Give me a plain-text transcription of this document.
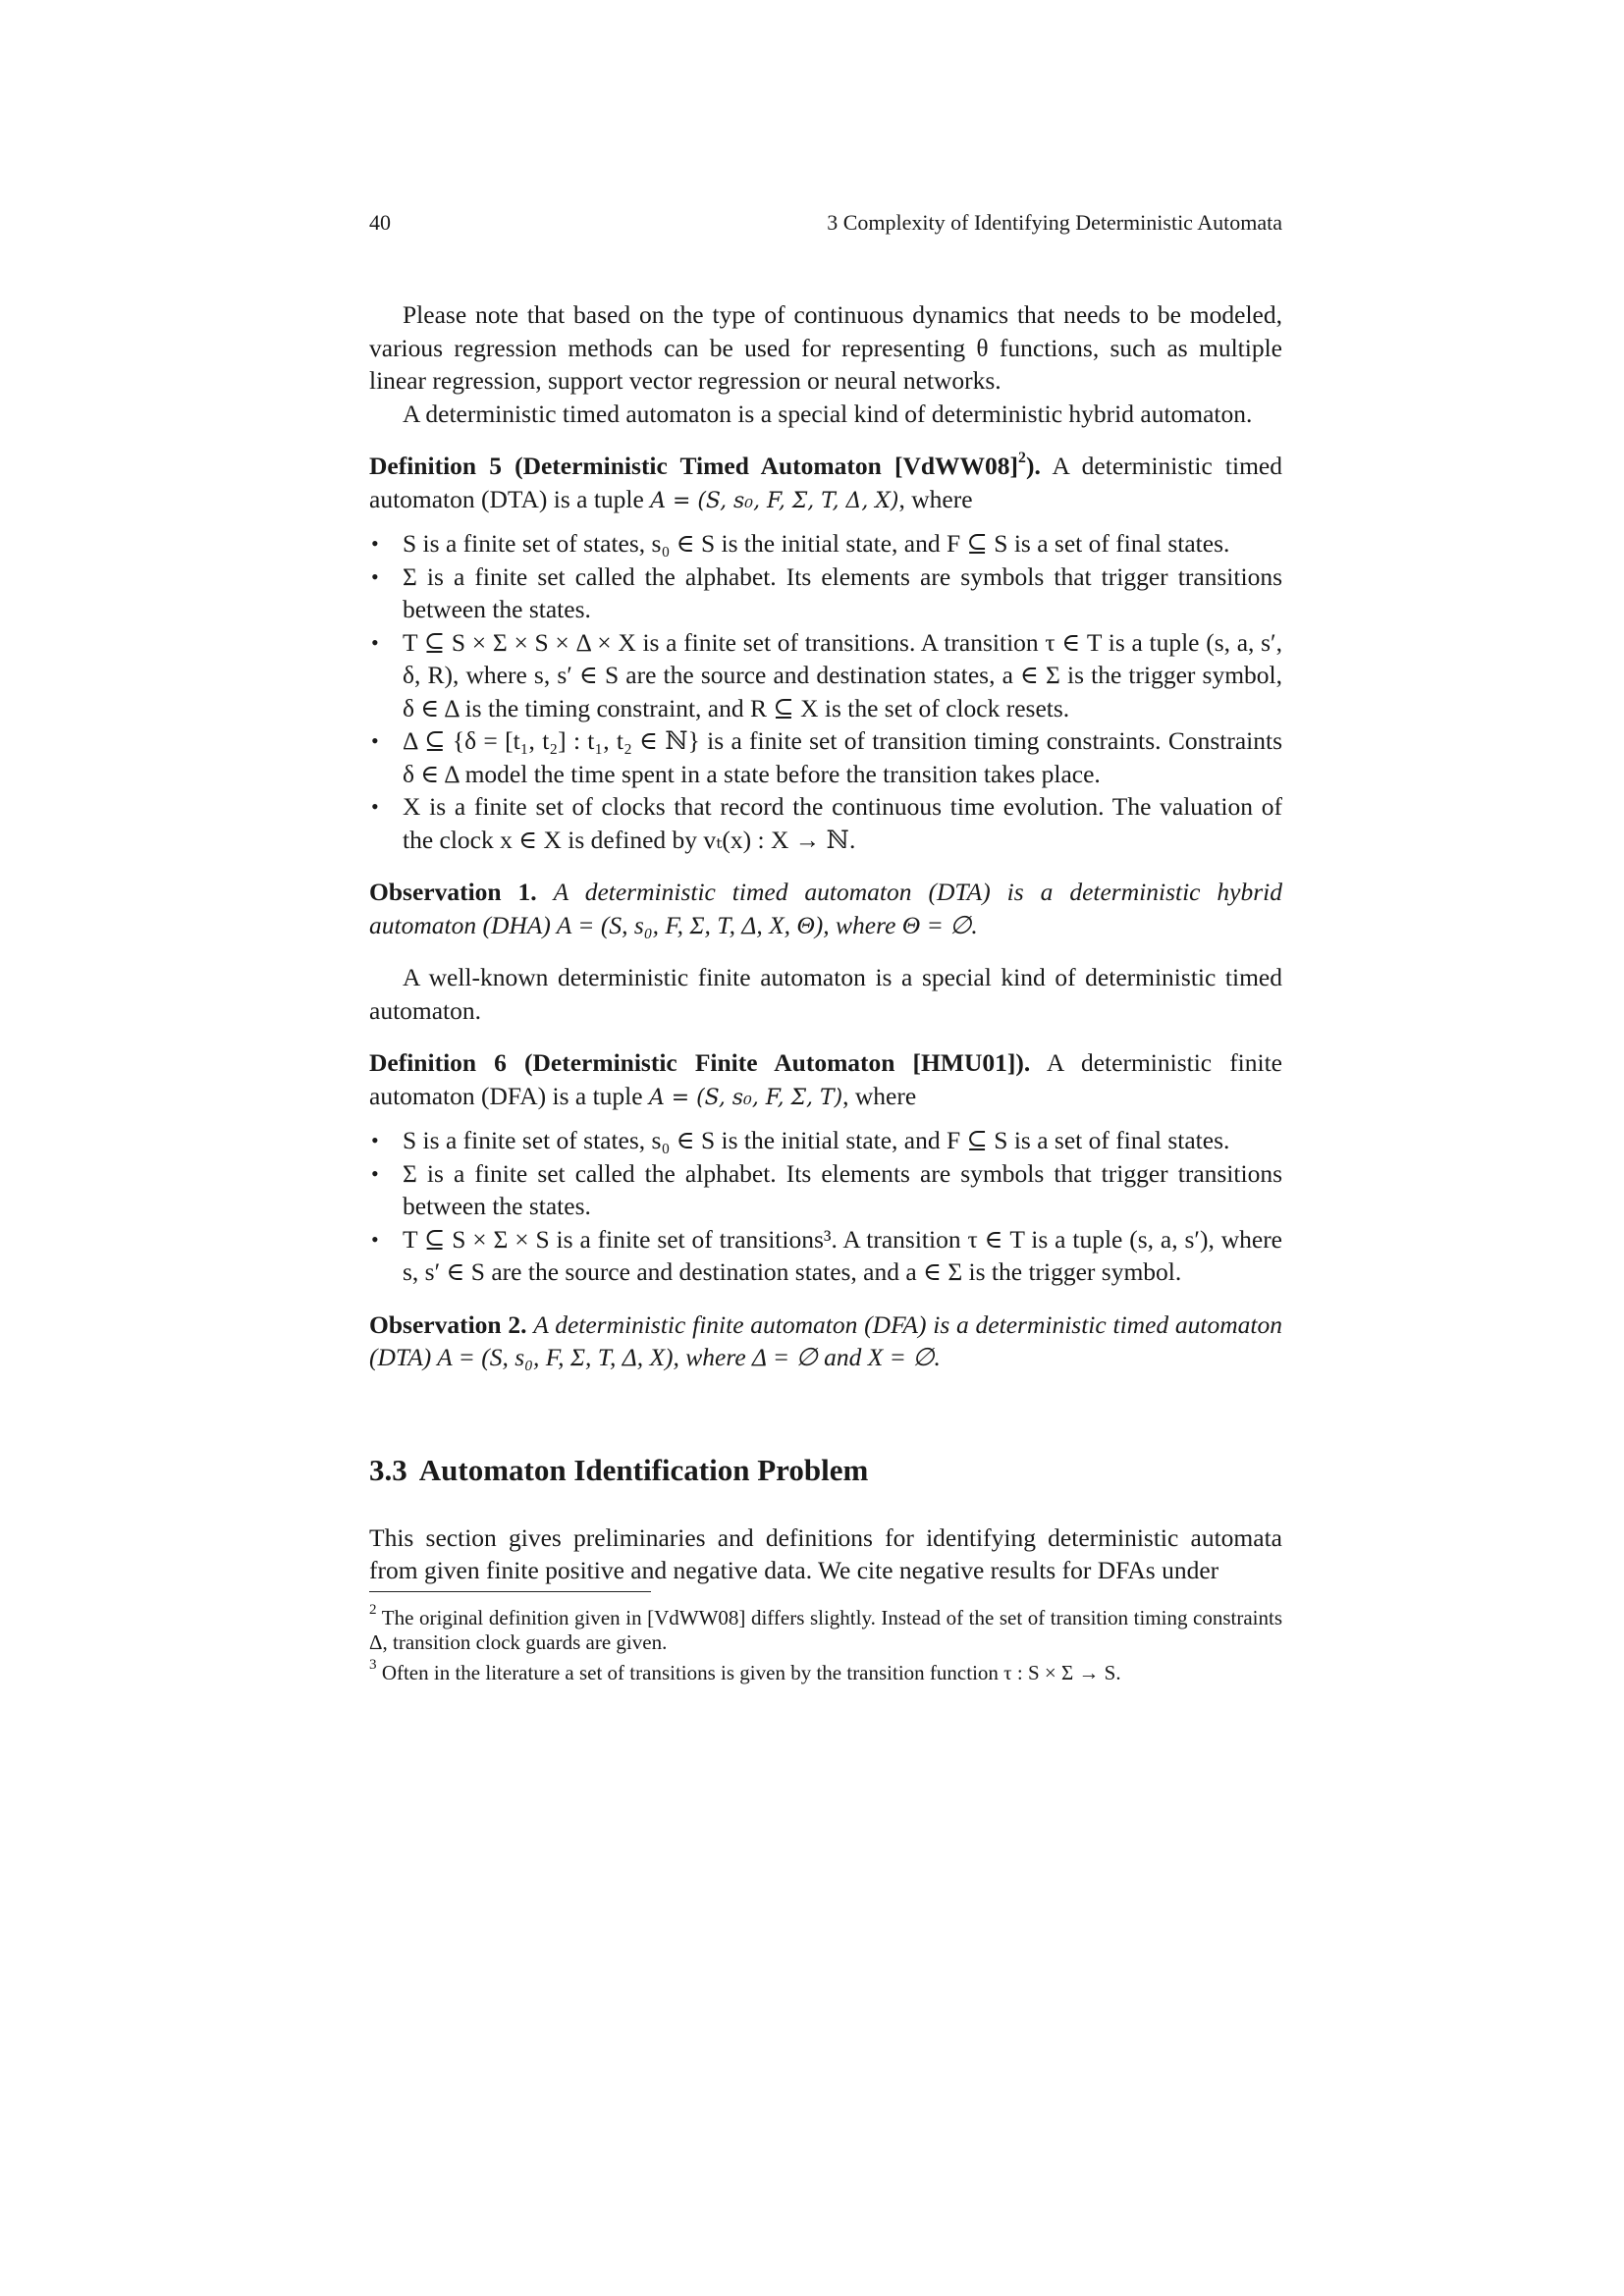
40	3 Complexity of Identifying Deterministic Automata

Please note that based on the type of continuous dynamics that needs to be modeled, various regression methods can be used for representing θ functions, such as multiple linear regression, support vector regression or neural networks.

A deterministic timed automaton is a special kind of deterministic hybrid automaton.

Definition 5 (Deterministic Timed Automaton [VdWW08]$^2$). A deterministic timed automaton (DTA) is a tuple A = (S, s₀, F, Σ, T, Δ, X), where

• S is a finite set of states, s₀ ∈ S is the initial state, and F ⊆ S is a set of final states.
• Σ is a finite set called the alphabet. Its elements are symbols that trigger transitions between the states.
• T ⊆ S × Σ × S × Δ × X is a finite set of transitions. A transition τ ∈ T is a tuple (s, a, s′, δ, R), where s, s′ ∈ S are the source and destination states, a ∈ Σ is the trigger symbol, δ ∈ Δ is the timing constraint, and R ⊆ X is the set of clock resets.
• Δ ⊆ {δ = [t₁, t₂] : t₁, t₂ ∈ ℕ} is a finite set of transition timing constraints. Constraints δ ∈ Δ model the time spent in a state before the transition takes place.
• X is a finite set of clocks that record the continuous time evolution. The valuation of the clock x ∈ X is defined by vₜ(x) : X → ℕ.

Observation 1. A deterministic timed automaton (DTA) is a deterministic hybrid automaton (DHA) A = (S, s₀, F, Σ, T, Δ, X, Θ), where Θ = ∅.

A well-known deterministic finite automaton is a special kind of deterministic timed automaton.

Definition 6 (Deterministic Finite Automaton [HMU01]). A deterministic finite automaton (DFA) is a tuple A = (S, s₀, F, Σ, T), where

• S is a finite set of states, s₀ ∈ S is the initial state, and F ⊆ S is a set of final states.
• Σ is a finite set called the alphabet. Its elements are symbols that trigger transitions between the states.
• T ⊆ S × Σ × S is a finite set of transitions³. A transition τ ∈ T is a tuple (s, a, s′), where s, s′ ∈ S are the source and destination states, and a ∈ Σ is the trigger symbol.

Observation 2. A deterministic finite automaton (DFA) is a deterministic timed automaton (DTA) A = (S, s₀, F, Σ, T, Δ, X), where Δ = ∅ and X = ∅.

3.3 Automaton Identification Problem

This section gives preliminaries and definitions for identifying deterministic automata from given finite positive and negative data. We cite negative results for DFAs under

$^2$ The original definition given in [VdWW08] differs slightly. Instead of the set of transition timing constraints Δ, transition clock guards are given.
$^3$ Often in the literature a set of transitions is given by the transition function τ : S × Σ → S.
